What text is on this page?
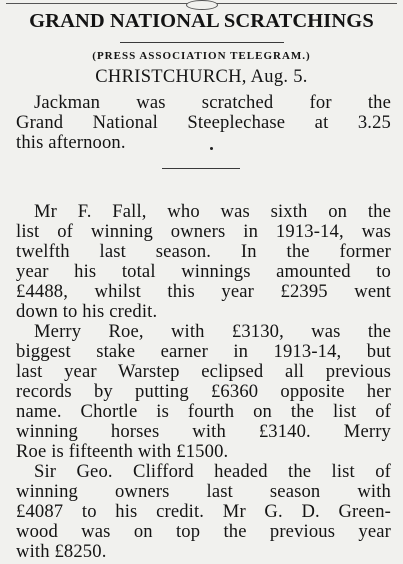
GRAND NATIONAL SCRATCHINGS
(PRESS ASSOCIATION TELEGRAM.)
CHRISTCHURCH, Aug. 5.
Jackman was scratched for the
Grand National Steeplechase at 3.25
this afternoon.
Mr F. Fall, who was sixth on the
list of winning owners in 1913-14, was
twelfth last season. In the former
year his total winnings amounted to
£4488, whilst this year £2395 went
down to his credit.
Merry Roe, with £3130, was the
biggest stake earner in 1913-14, but
last year Warstep eclipsed all previous
records by putting £6360 opposite her
name. Chortle is fourth on the list of
winning horses with £3140. Merry
Roe is fifteenth with £1500.
Sir Geo. Clifford headed the list of
winning owners last season with
£4087 to his credit. Mr G. D. Green-
wood was on top the previous year
with £8250.
